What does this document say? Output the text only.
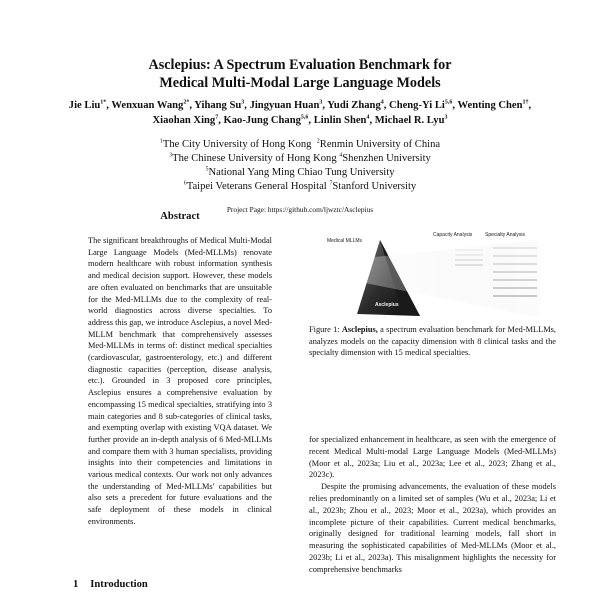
Asclepius: A Spectrum Evaluation Benchmark for
Medical Multi-Modal Large Language Models
Jie Liu$^{1*}$, Wenxuan Wang$^{2*}$, Yihang Su$^3$, Jingyuan Huan$^3$, Yudi Zhang$^4$, Cheng-Yi Li$^{5,6}$, Wenting Chen$^{1\dagger}$, Xiaohan Xing$^7$, Kao-Jung Chang$^{5,6}$, Linlin Shen$^4$, Michael R. Lyu$^3$
$^1$The City University of Hong Kong $^2$Renmin University of China
$^3$The Chinese University of Hong Kong $^4$Shenzhen University
$^5$National Yang Ming Chiao Tung University
$^6$Taipei Veterans General Hospital $^7$Stanford University
Project Page: https://github.com/ljwztc/Asclepius
Abstract
The significant breakthroughs of Medical Multi-Modal Large Language Models (Med-MLLMs) renovate modern healthcare with robust information synthesis and medical decision support. However, these models are often evaluated on benchmarks that are unsuitable for the Med-MLLMs due to the complexity of real-world diagnostics across diverse specialties. To address this gap, we introduce Asclepius, a novel Med-MLLM benchmark that comprehensively assesses Med-MLLMs in terms of: distinct medical specialties (cardiovascular, gastroenterology, etc.) and different diagnostic capacities (perception, disease analysis, etc.). Grounded in 3 proposed core principles, Asclepius ensures a comprehensive evaluation by encompassing 15 medical specialties, stratifying into 3 main categories and 8 sub-categories of clinical tasks, and exempting overlap with existing VQA dataset. We further provide an in-depth analysis of 6 Med-MLLMs and compare them with 3 human specialists, providing insights into their competencies and limitations in various medical contexts. Our work not only advances the understanding of Med-MLLMs' capabilities but also sets a precedent for future evaluations and the safe deployment of these models in clinical environments.
Medical MLLMs
Capacity Analysis	Specialty Analysis
Asclepius
Figure 1: Asclepius, a spectrum evaluation benchmark for Med-MLLMs, analyzes models on the capacity dimension with 8 clinical tasks and the specialty dimension with 15 medical specialties.

for specialized enhancement in healthcare, as seen with the emergence of recent Medical Multi-modal Large Language Models (Med-MLLMs) (Moor et al., 2023a; Liu et al., 2023a; Lee et al., 2023; Zhang et al., 2023c).

Despite the promising advancements, the evaluation of these models relies predominantly on a limited set of samples (Wu et al., 2023a; Li et al., 2023b; Zhou et al., 2023; Moor et al., 2023a), which provides an incomplete picture of their capabilities. Current medical benchmarks, originally designed for traditional learning models, fall short in measuring the sophisticated capabilities of Med-MLLMs (Moor et al., 2023b; Li et al., 2023a). This misalignment highlights the necessity for comprehensive benchmarks

1 Introduction
